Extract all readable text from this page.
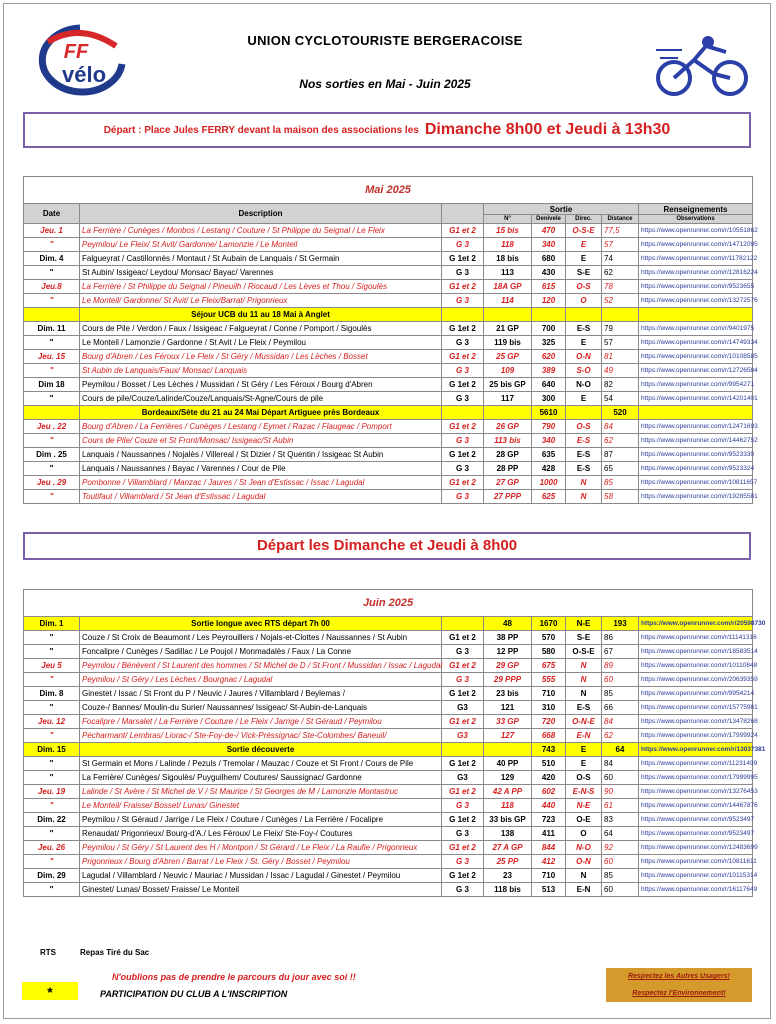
FF
vélo
UNION CYCLOTOURISTE BERGERACOISE
Nos sorties en Mai - Juin 2025
Départ : Place Jules FERRY devant la maison des associations les Dimanche 8h00 et Jeudi à 13h30
Mai 2025							
Date	Description		Sortie				Renseignements
			N°	Denivele	Direc.	Distance	Observations
Jeu. 1	La Ferrière / Cunèges / Monbos / Lestang / Couture / St Philippe du Seignal / Le Fleix	G1 et 2	15 bis	470	O-S-E	77,5	https://www.openrunner.com/r/10551862
"	Peymilou/ Le Fleix/ St Avit/ Gardonne/ Lamonzie / Le Monteil	G 3	118	340	E	57	https://www.openrunner.com/r/14712095
Dim. 4	Falgueyrat / Castillonnès / Montaut / St Aubain de Lanquais / St Germain	G 1et 2	18 bis	680	E	74	https://www.openrunner.com/r/11782122
"	St Aubin/ Issigeac/ Leydou/ Monsac/ Bayac/ Varennes	G 3	113	430	S-E	62	https://www.openrunner.com/r/12816224
Jeu.8	La Ferrière / St Philippe du Seignal / Pineuilh / Riocaud / Les Lèves et Thou / Sigoulès	G1 et 2	18A GP	615	O-S	78	https://www.openrunner.com/r/9523655
"	Le Monteil/ Gardonne/ St Avit/ Le Fleix/Barrat/ Prigonrieux	G 3	114	120	O	52	https://www.openrunner.com/r/13272576
	Séjour UCB du 11 au 18 Mai à Anglet						
Dim. 11	Cours de Pile / Verdon / Faux / Issigeac / Falgueyrat / Conne / Pomport / Sigoulès	G 1et 2	21 GP	700	E-S	79	https://www.openrunner.com/r/9401975
"	Le Monteil / Lamonzie / Gardonne / St Avit / Le Fleix / Peymilou	G 3	119 bis	325	E	57	https://www.openrunner.com/r/14749334
Jeu. 15	Bourg d'Abren / Les Féroux / Le Fleix / St Géry / Mussidan / Les Lèches / Bosset	G1 et 2	25 GP	620	O-N	81	https://www.openrunner.com/r/10108585
"	St Aubin de Lanquais/Faux/ Monsac/ Lanquais	G 3	109	389	S-O	49	https://www.openrunner.com/r/12726584
Dim 18	Peymilou / Bosset / Les Lèches / Mussidan / St Géry / Les Féroux / Bourg d'Abren	G 1et 2	25 bis GP	640	N-O	82	https://www.openrunner.com/r/9954271
"	Cours de pile/Couze/Lalinde/Couze/Lanquais/St-Agne/Cours de pile	G 3	117	300	E	54	https://www.openrunner.com/r/14201401
	Bordeaux/Sète du 21 au 24 Mai Départ Artiguee près Bordeaux			5610		520	
Jeu . 22	Bourg d'Abren / La Ferrières / Cunèges / Lestang / Eymet / Razac / Flaugeac / Pomport	G1 et 2	26 GP	790	O-S	84	https://www.openrunner.com/r/12471693
"	Cours de Pile/ Couze et St Front/Monsac/ Issigeac/St Aubin	G 3	113 bis	340	E-S	62	https://www.openrunner.com/r/14462752
Dim . 25	Lanquais / Naussannes / Nojalès / Villereal / St Dizier / St Quentin / Issigeac St Aubin	G 1et 2	28 GP	635	E-S	87	https://www.openrunner.com/r/9523330
"	Lanquais / Naussannes / Bayac / Varennes / Cour de Pile	G 3	28 PP	428	E-S	65	https://www.openrunner.com/r/9523324
Jeu . 29	Pombonne / Villamblard / Manzac / Jaures / St Jean d'Estissac / Issac / Lagudal	G1 et 2	27 GP	1000	N	85	https://www.openrunner.com/r/10811657
"	Toutifaut / Villamblard / St Jean d'Estissac / Lagudal	G 3	27 PPP	625	N	58	https://www.openrunner.com/r/19285581
Départ les Dimanche et Jeudi à 8h00
Juin 2025							
Dim. 1	Sortie longue avec RTS départ 7h 00		48	1670	N-E	193	https://www.openrunner.com/r/20598730
"	Couze / St Croix de Beaumont / Les Peyrouillers / Nojals-et-Clottes / Naussannes / St Aubin	G1 et 2	38 PP	570	S-E	86	https://www.openrunner.com/r/11141316
"	Foncalipre / Cunèges / Sadillac / Le Poujol / Monmadalès / Faux / La Conne	G 3	12 PP	580	O-S-E	67	https://www.openrunner.com/r/18583514
Jeu 5	Peymilou / Bénévent / St Laurent des hommes / St Michel de D / St Front / Mussidan / Issac / Lagudal	G1 et 2	29 GP	675	N	89	https://www.openrunner.com/r/10110848
"	Peymilou / St Géry / Les Lèches / Bourgnac / Lagudal	G 3	29 PPP	555	N	60	https://www.openrunner.com/r/20639359
Dim. 8	Ginestet / Issac / St Front du P / Neuvic / Jaures / Villamblard / Beylemas /	G 1et 2	23 bis	710	N	85	https://www.openrunner.com/r/9954214
"	Couze-/ Bannes/ Moulin-du Surier/ Naussannes/ Issigeac/ St-Aubin-de-Lanquais	G3	121	310	E-S	66	https://www.openrunner.com/r/15775981
Jeu. 12	Focalipre / Marsalet / La Ferrière / Couture / Le Fleix / Jarrige / St Géraud / Peymilou	G1 et 2	33 GP	720	O-N-E	84	https://www.openrunner.com/r/13478268
"	Pécharmant/ Lembras/ Liorac-/ Ste-Foy-de-/ Vick-Préssignac/ Ste-Colombes/ Baneuil/	G3	127	668	E-N	62	https://www.openrunner.com/r/17999924
Dim. 15	Sortie découverte			743	E	64	https://www.openrunner.com/r/13037381
"	St Germain et Mons / Lalinde / Pezuls / Tremolar / Mauzac / Couze et St Front / Cours de Pile	G 1et 2	40 PP	510	E	84	https://www.openrunner.com/r/11231499
"	La Ferrière/ Cunèges/ Sigoulès/ Puyguilhem/ Coutures/ Saussignac/ Gardonne	G3	129	420	O-S	60	https://www.openrunner.com/r/17999995
Jeu. 19	Lalinde / St Avère / St Michel de V / St Maurice / St Georges de M / Lamonzie Montastruc	G1 et 2	42 A PP	602	E-N-S	90	https://www.openrunner.com/r/13276453
"	Le Monteil/ Fraisse/ Bosset/ Lunas/ Ginestet	G 3	118	440	N-E	61	https://www.openrunner.com/r/14467876
Dim. 22	Peymilou / St Géraud / Jarrige / Le Fleix / Couture / Cunèges / La Ferrière / Focalipre	G 1et 2	33 bis GP	723	O-E	83	https://www.openrunner.com/r/9523497
"	Renaudat/ Prigonrieux/ Bourg-d'A./ Les Féroux/ Le Fleix/ Ste-Foy-/ Coutures	G 3	138	411	O	64	https://www.openrunner.com/r/9523497
Jeu. 26	Peymilou / St Géry / St Laurent des H / Montpon / St Gérard / Le Fleix / La Raufie / Prigonrieux	G1 et 2	27 A GP	844	N-O	92	https://www.openrunner.com/r/12483699
"	Prigonrieux / Bourg d'Abren / Barrat / Le Fleix / St. Géry / Bosset / Peymilou	G 3	25 PP	412	O-N	60	https://www.openrunner.com/r/10811611
Dim. 29	Lagudal / Villamblard / Neuvic / Mauriac / Mussidan / Issac / Lagudal / Ginestet / Peymilou	G 1et 2	23	710	N	85	https://www.openrunner.com/r/10115314
"	Ginestet/ Lunas/ Bosset/ Fraisse/ Le Monteil	G 3	118 bis	513	E-N	60	https://www.openrunner.com/r/16117649
RTS	Repas Tiré du Sac
N'oublions pas de prendre le parcours du jour avec soi !!
*	PARTICIPATION DU CLUB A L'INSCRIPTION
Respectez les Autres Usagers!
Respectez l'Environnement!
